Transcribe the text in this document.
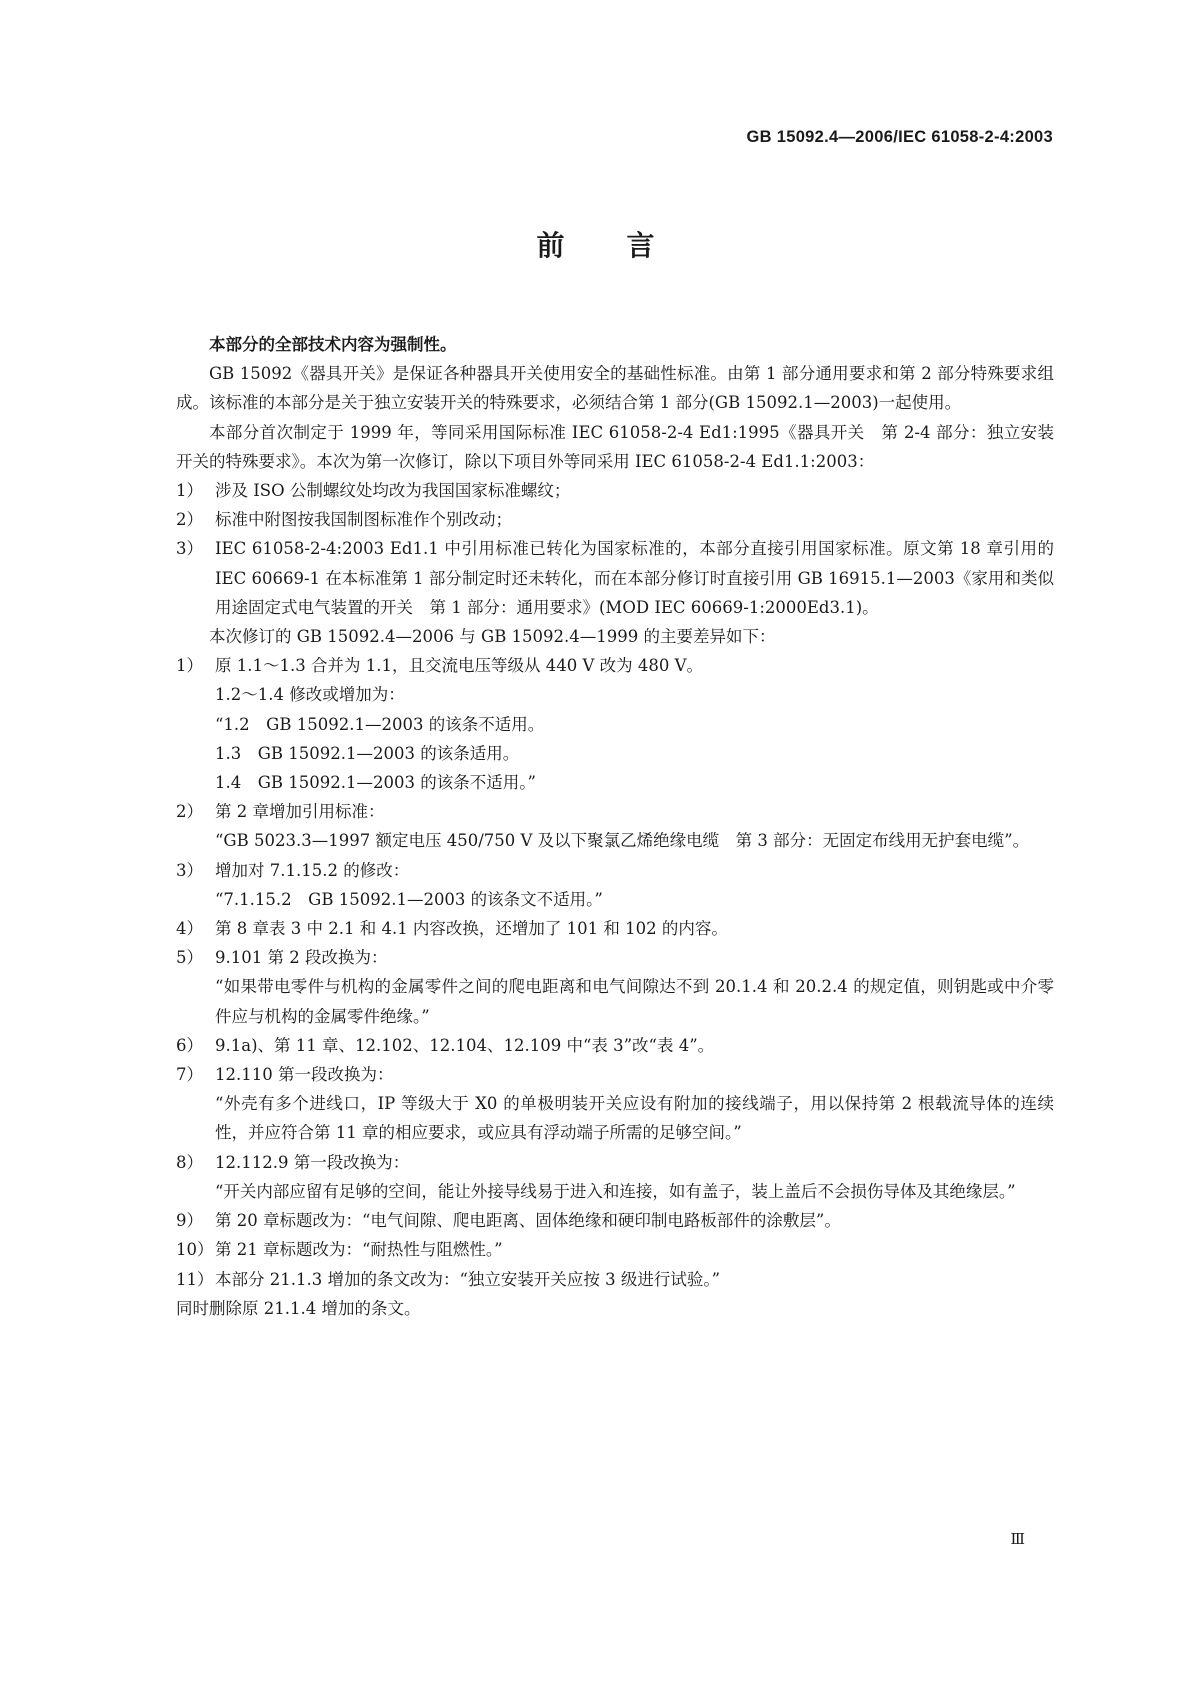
GB 15092.4—2006/IEC 61058-2-4:2003
前言

本部分的全部技术内容为强制性。

GB 15092《器具开关》是保证各种器具开关使用安全的基础性标准。由第 1 部分通用要求和第 2 部分特殊要求组成。该标准的本部分是关于独立安装开关的特殊要求，必须结合第 1 部分(GB 15092.1—2003)一起使用。

本部分首次制定于 1999 年，等同采用国际标准 IEC 61058-2-4 Ed1:1995《器具开关　第 2-4 部分：独立安装开关的特殊要求》。本次为第一次修订，除以下项目外等同采用 IEC 61058-2-4 Ed1.1:2003：

1） 涉及 ISO 公制螺纹处均改为我国国家标准螺纹；
2） 标准中附图按我国制图标准作个别改动；
3） IEC 61058-2-4:2003 Ed1.1 中引用标准已转化为国家标准的，本部分直接引用国家标准。原文第 18 章引用的 IEC 60669-1 在本标准第 1 部分制定时还未转化，而在本部分修订时直接引用 GB 16915.1—2003《家用和类似用途固定式电气装置的开关　第 1 部分：通用要求》(MOD IEC 60669-1:2000Ed3.1)。

本次修订的 GB 15092.4—2006 与 GB 15092.4—1999 的主要差异如下：

1） 原 1.1～1.3 合并为 1.1，且交流电压等级从 440 V 改为 480 V。
1.2～1.4 修改或增加为：
“1.2　GB 15092.1—2003 的该条不适用。
1.3　GB 15092.1—2003 的该条适用。
1.4　GB 15092.1—2003 的该条不适用。”
2） 第 2 章增加引用标准：
“GB 5023.3—1997 额定电压 450/750 V 及以下聚氯乙烯绝缘电缆　第 3 部分：无固定布线用无护套电缆”。
3） 增加对 7.1.15.2 的修改：
“7.1.15.2　GB 15092.1—2003 的该条文不适用。”
4） 第 8 章表 3 中 2.1 和 4.1 内容改换，还增加了 101 和 102 的内容。
5） 9.101 第 2 段改换为：
“如果带电零件与机构的金属零件之间的爬电距离和电气间隙达不到 20.1.4 和 20.2.4 的规定值，则钥匙或中介零件应与机构的金属零件绝缘。”
6） 9.1a)、第 11 章、12.102、12.104、12.109 中“表 3”改“表 4”。
7） 12.110 第一段改换为：
“外壳有多个进线口，IP 等级大于 X0 的单极明装开关应设有附加的接线端子，用以保持第 2 根载流导体的连续性，并应符合第 11 章的相应要求，或应具有浮动端子所需的足够空间。”
8） 12.112.9 第一段改换为：
“开关内部应留有足够的空间，能让外接导线易于进入和连接，如有盖子，装上盖后不会损伤导体及其绝缘层。”
9） 第 20 章标题改为：“电气间隙、爬电距离、固体绝缘和硬印制电路板部件的涂敷层”。
10） 第 21 章标题改为：“耐热性与阻燃性。”
11） 本部分 21.1.3 增加的条文改为：“独立安装开关应按 3 级进行试验。”

同时删除原 21.1.4 增加的条文。

Ⅲ
